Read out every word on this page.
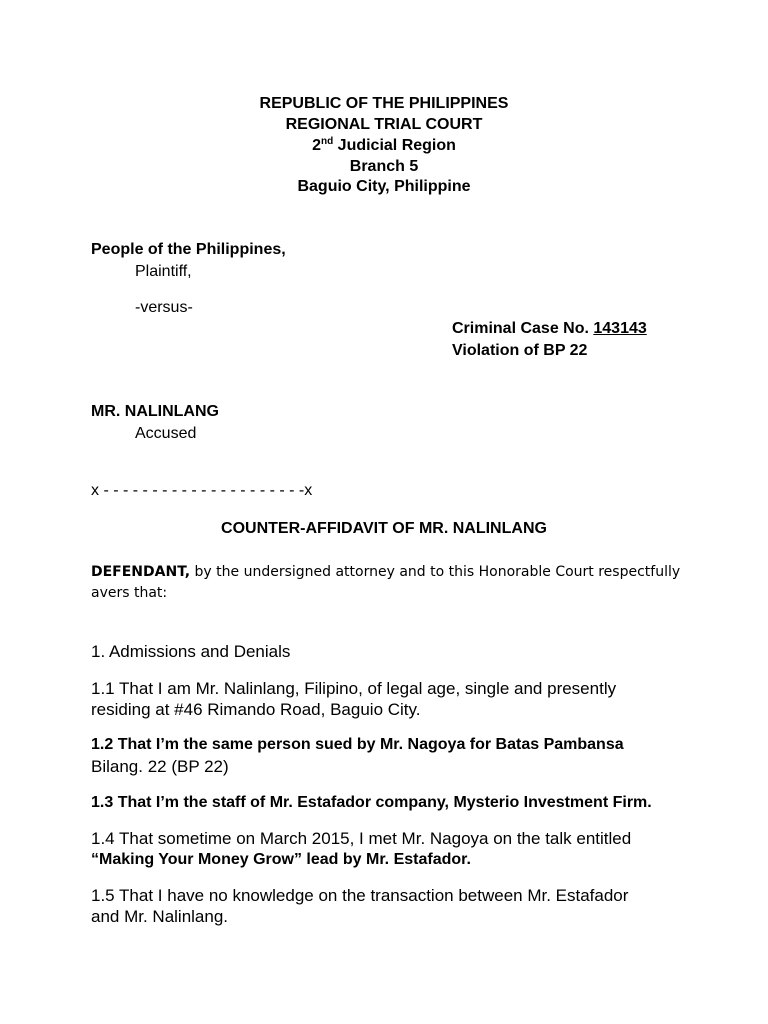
REPUBLIC OF THE PHILIPPINES
REGIONAL TRIAL COURT
2nd Judicial Region
Branch 5
Baguio City, Philippine
People of the Philippines,
Plaintiff,
-versus-
Criminal Case No. 143143
Violation of BP 22
MR. NALINLANG
Accused
x - - - - - - - - - - - - - - - - - - - - -x
COUNTER-AFFIDAVIT OF MR. NALINLANG
DEFENDANT, by the undersigned attorney and to this Honorable Court respectfully
avers that:
1. Admissions and Denials
1.1 That I am Mr. Nalinlang, Filipino, of legal age, single and presently
residing at #46 Rimando Road, Baguio City.
1.2 That I’m the same person sued by Mr. Nagoya for Batas Pambansa
Bilang. 22 (BP 22)
1.3 That I’m the staff of Mr. Estafador company, Mysterio Investment Firm.
1.4 That sometime on March 2015, I met Mr. Nagoya on the talk entitled
“Making Your Money Grow” lead by Mr. Estafador.
1.5 That I have no knowledge on the transaction between Mr. Estafador
and Mr. Nalinlang.
